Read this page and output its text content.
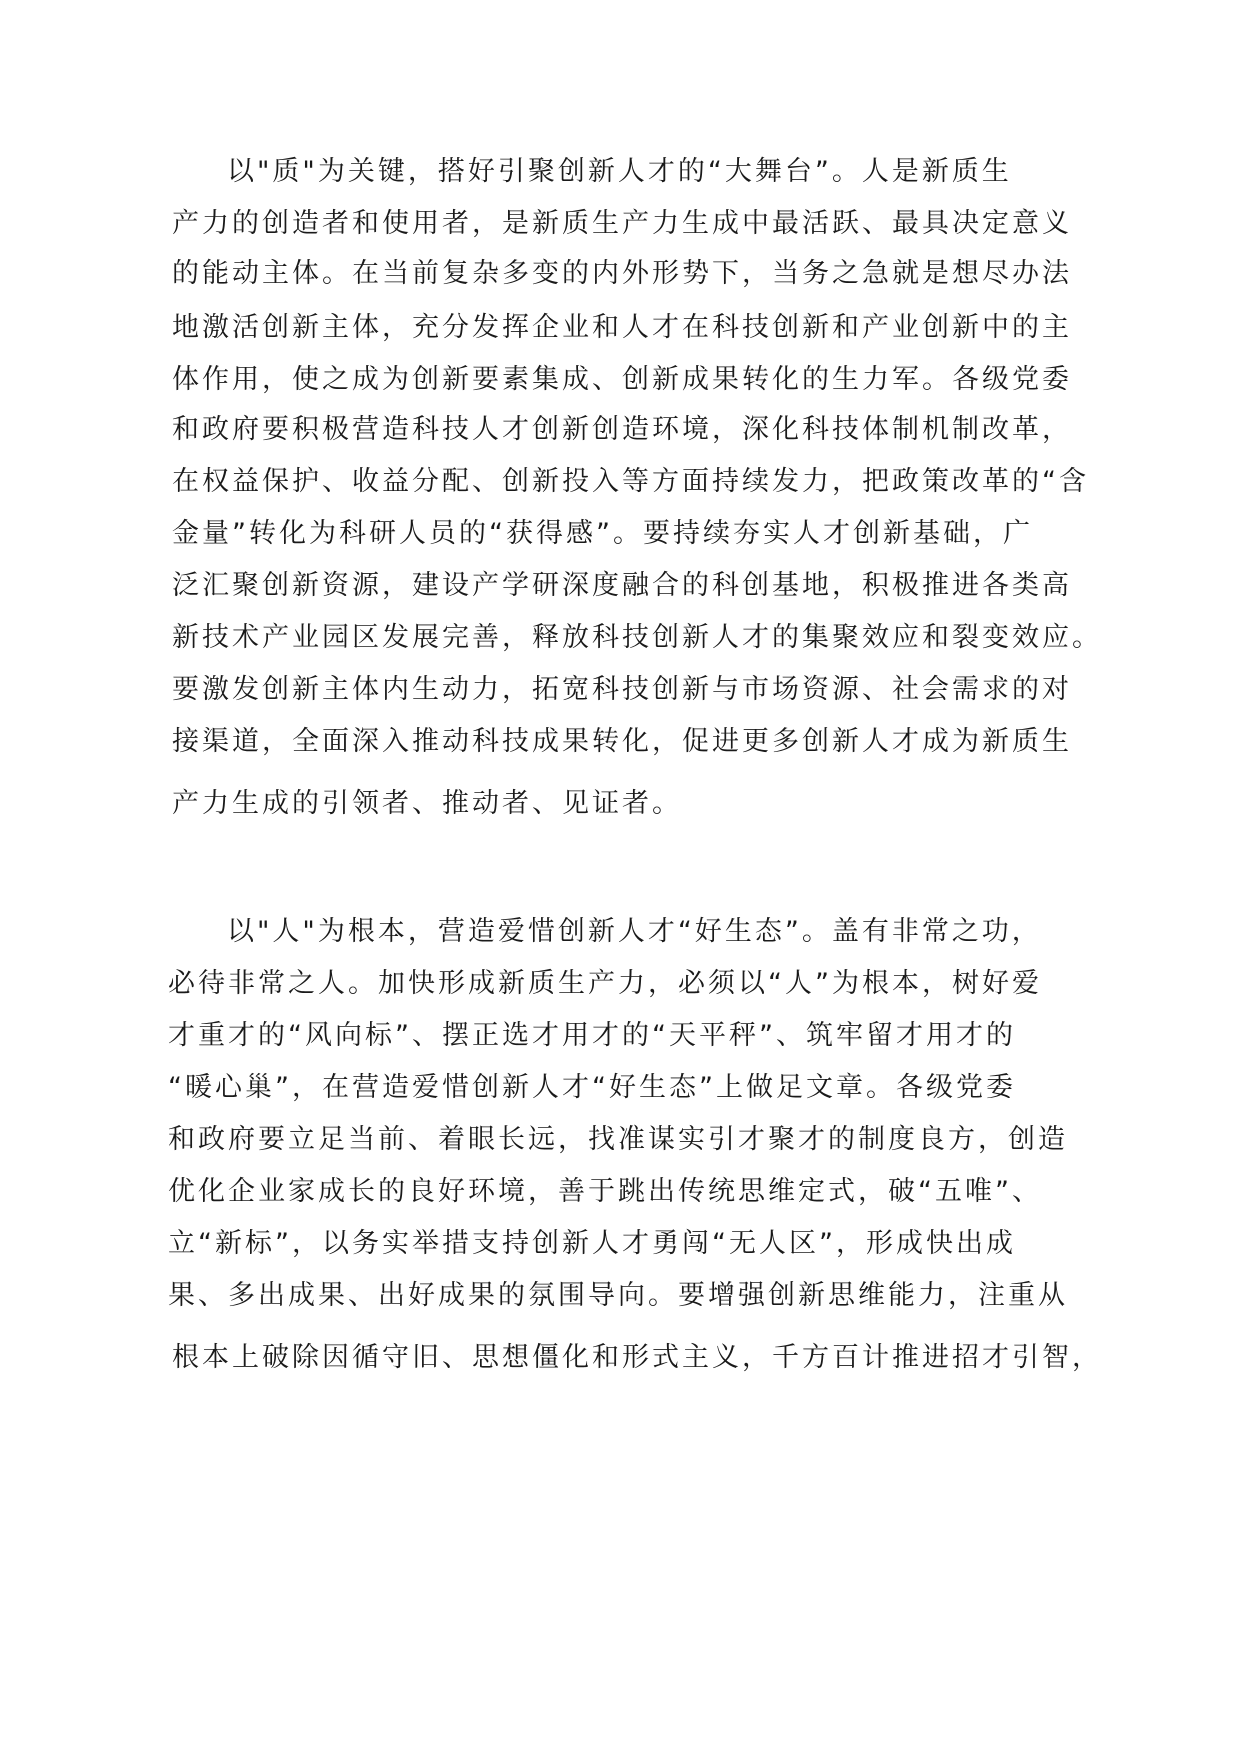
以"质"为关键，搭好引聚创新人才的“大舞台”。人是新质生

产力的创造者和使用者，是新质生产力生成中最活跃、最具决定意义

的能动主体。在当前复杂多变的内外形势下，当务之急就是想尽办法

地激活创新主体，充分发挥企业和人才在科技创新和产业创新中的主

体作用，使之成为创新要素集成、创新成果转化的生力军。各级党委

和政府要积极营造科技人才创新创造环境，深化科技体制机制改革，

在权益保护、收益分配、创新投入等方面持续发力，把政策改革的“含

金量”转化为科研人员的“获得感”。要持续夯实人才创新基础，广

泛汇聚创新资源，建设产学研深度融合的科创基地，积极推进各类高

新技术产业园区发展完善，释放科技创新人才的集聚效应和裂变效应。

要激发创新主体内生动力，拓宽科技创新与市场资源、社会需求的对

接渠道，全面深入推动科技成果转化，促进更多创新人才成为新质生

产力生成的引领者、推动者、见证者。

以"人"为根本，营造爱惜创新人才“好生态”。盖有非常之功，

必待非常之人。加快形成新质生产力，必须以“人”为根本，树好爱

才重才的“风向标”、摆正选才用才的“天平秤”、筑牢留才用才的

“暖心巢”，在营造爱惜创新人才“好生态”上做足文章。各级党委

和政府要立足当前、着眼长远，找准谋实引才聚才的制度良方，创造

优化企业家成长的良好环境，善于跳出传统思维定式，破“五唯”、

立“新标”，以务实举措支持创新人才勇闯“无人区”，形成快出成

果、多出成果、出好成果的氛围导向。要增强创新思维能力，注重从

根本上破除因循守旧、思想僵化和形式主义，千方百计推进招才引智，
